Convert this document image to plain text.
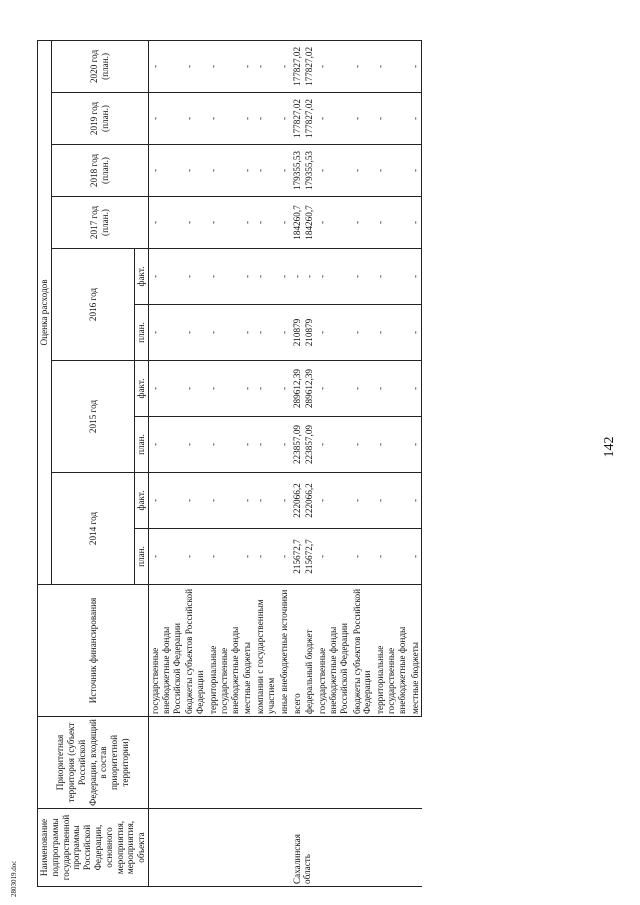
142
2803019.doc
Наименование подпрограммы государственной программы Российской Федерации, основного мероприятия, мероприятия, объекта	Приоритетная территория (субъект Российской Федерации, входящий в состав приоритетной территории)	Источник финансирования	Оценка расходов									
			2014 год		2015 год		2016 год		2017 год (план.)	2018 год (план.)	2019 год (план.)	2020 год (план.)
			план.	факт.	план.	факт.	план.	факт.				
		государственные внебюджетные фонды Российской Федерации	-	-	-	-	-	-	-	-	-	-
		бюджеты субъектов Российской Федерации	-	-	-	-	-	-	-	-	-	-
		территориальные государственные внебюджетные фонды	-	-	-	-	-	-	-	-	-	-
		местные бюджеты	-	-	-	-	-	-	-	-	-	-
		компании с государственным участием	-	-	-	-	-	-	-	-	-	-
		иные внебюджетные источники	-	-	-	-	-	-	-	-	-	-
Сахалинская область		всего	215672,7	222066,2	223857,09	289612,39	210879	-	184260,7	179355,53	177827,02	177827,02
		федеральный бюджет	215672,7	222066,2	223857,09	289612,39	210879	-	184260,7	179355,53	177827,02	177827,02
		государственные внебюджетные фонды Российской Федерации	-	-	-	-	-	-	-	-	-	-
		бюджеты субъектов Российской Федерации	-	-	-	-	-	-	-	-	-	-
		территориальные государственные внебюджетные фонды	-	-	-	-	-	-	-	-	-	-
		местные бюджеты	-	-	-	-	-	-	-	-	-	-
